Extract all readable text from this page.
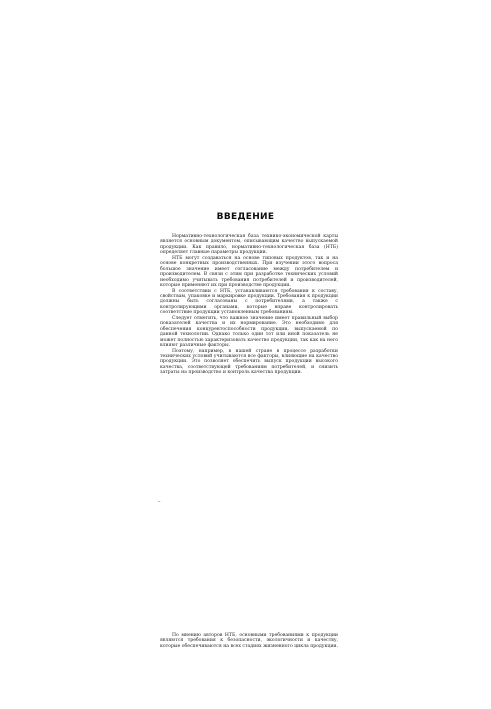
ВВЕДЕНИЕ

Нормативно-технологическая база технико-экономической карты является основным документом, описывающим качество выпускаемой продукции. Как правило, нормативно-технологическая база (НТБ) определяет главные параметры продукции.

НТБ могут создаваться на основе типовых продуктов, так и на основе конкретных производственных. При изучении этого вопроса большое значение имеет согласование между потребителем и производителем. В связи с этим при разработке технических условий необходимо учитывать требования потребителей и производителей, которые применяют их при производстве продукции.

В соответствии с НТБ, устанавливаются требования к составу, свойствам, упаковке и маркировке продукции. Требования к продукции должны быть согласованы с потребителями, а также с контролирующими органами, которые вправе контролировать соответствие продукции установленным требованиям.

Следует отметить, что важное значение имеет правильный выбор показателей качества и их нормирование. Это необходимо для обеспечения конкурентоспособности продукции, выпускаемой по данной технологии. Однако только один тот или иной показатель не может полностью характеризовать качество продукции, так как на него влияют различные факторы.

Поэтому, например, в нашей стране в процессе разработки технических условий учитываются все факторы, влияющие на качество продукции. Это позволяет обеспечить выпуск продукции высокого качества, соответствующей требованиям потребителей, и снизить затраты на производство и контроль качества продукции.

–

По мнению авторов НТБ, основными требованиями к продукции являются требования к безопасности, экологичности и качеству, которые обеспечиваются на всех стадиях жизненного цикла продукции.
